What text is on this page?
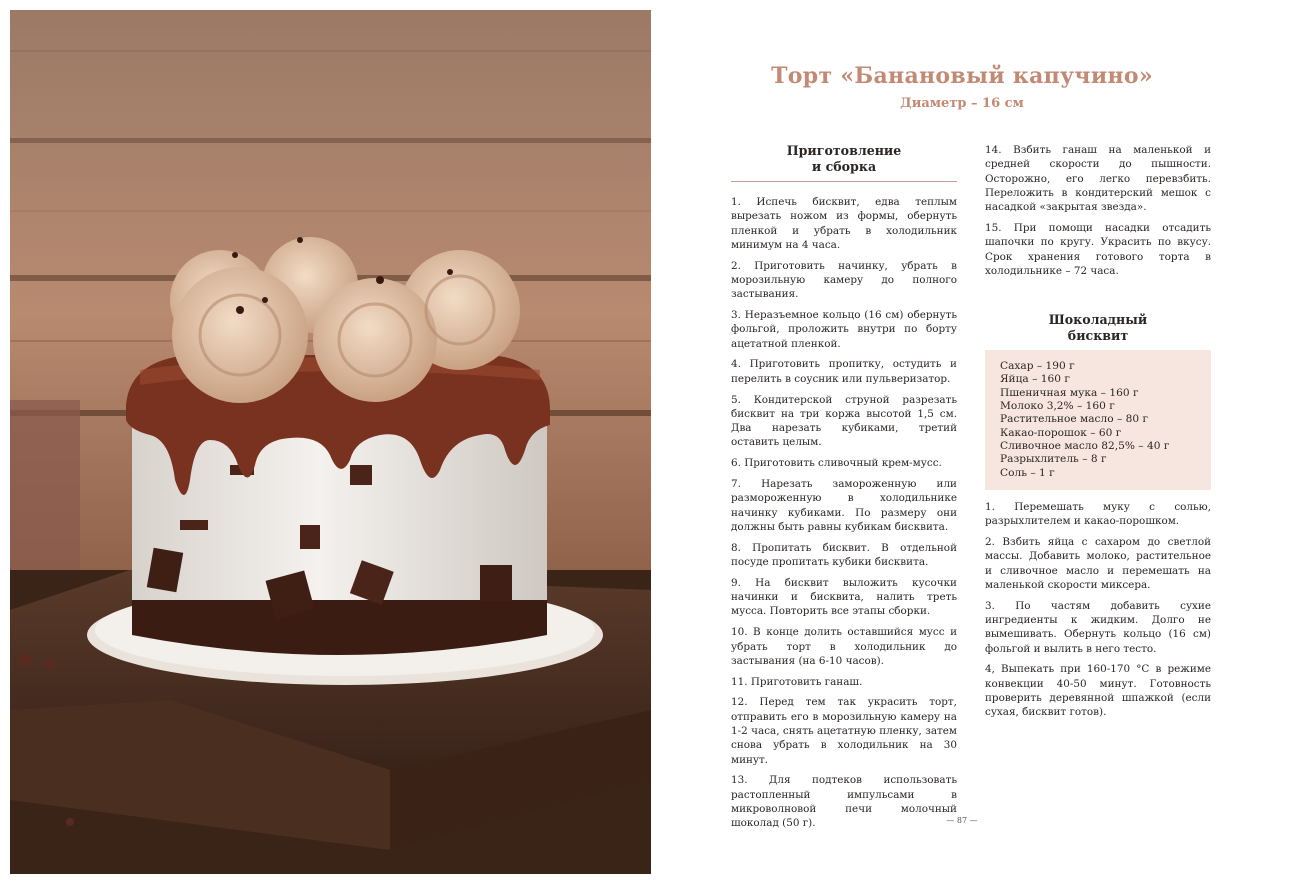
Торт «Банановый капучино»
Диаметр – 16 см
Приготовление
и сборка

1. Испечь бисквит, едва теплым вырезать ножом из формы, обернуть пленкой и убрать в холодильник минимум на 4 часа.

2. Приготовить начинку, убрать в морозильную камеру до полного застывания.

3. Неразъемное кольцо (16 см) обернуть фольгой, проложить внутри по борту ацетатной пленкой.

4. Приготовить пропитку, остудить и перелить в соусник или пульверизатор.

5. Кондитерской струной разрезать бисквит на три коржа высотой 1,5 см. Два нарезать кубиками, третий оставить целым.

6. Приготовить сливочный крем-мусс.

7. Нарезать замороженную или размороженную в холодильнике начинку кубиками. По размеру они должны быть равны кубикам бисквита.

8. Пропитать бисквит. В отдельной посуде пропитать кубики бисквита.

9. На бисквит выложить кусочки начинки и бисквита, налить треть мусса. Повторить все этапы сборки.

10. В конце долить оставшийся мусс и убрать торт в холодильник до застывания (на 6-10 часов).

11. Приготовить ганаш.

12. Перед тем так украсить торт, отправить его в морозильную камеру на 1-2 часа, снять ацетатную пленку, затем снова убрать в холодильник на 30 минут.

13. Для подтеков использовать растопленный импульсами в микроволновой печи молочный шоколад (50 г).

14. Взбить ганаш на маленькой и средней скорости до пышности. Осторожно, его легко перевзбить. Переложить в кондитерский мешок с насадкой «закрытая звезда».

15. При помощи насадки отсадить шапочки по кругу. Украсить по вкусу. Срок хранения готового торта в холодильнике – 72 часа.

Шоколадный
бисквит
Сахар – 190 г
Яйца – 160 г
Пшеничная мука – 160 г
Молоко 3,2% – 160 г
Растительное масло – 80 г
Какао-порошок – 60 г
Сливочное масло 82,5% – 40 г
Разрыхлитель – 8 г
Соль – 1 г

1. Перемешать муку с солью, разрыхлителем и какао-порошком.

2. Взбить яйца с сахаром до светлой массы. Добавить молоко, растительное и сливочное масло и перемешать на маленькой скорости миксера.

3. По частям добавить сухие ингредиенты к жидким. Долго не вымешивать. Обернуть кольцо (16 см) фольгой и вылить в него тесто.

4, Выпекать при 160-170 °C в режиме конвекции 40-50 минут. Готовность проверить деревянной шпажкой (если сухая, бисквит готов).

— 87 —
